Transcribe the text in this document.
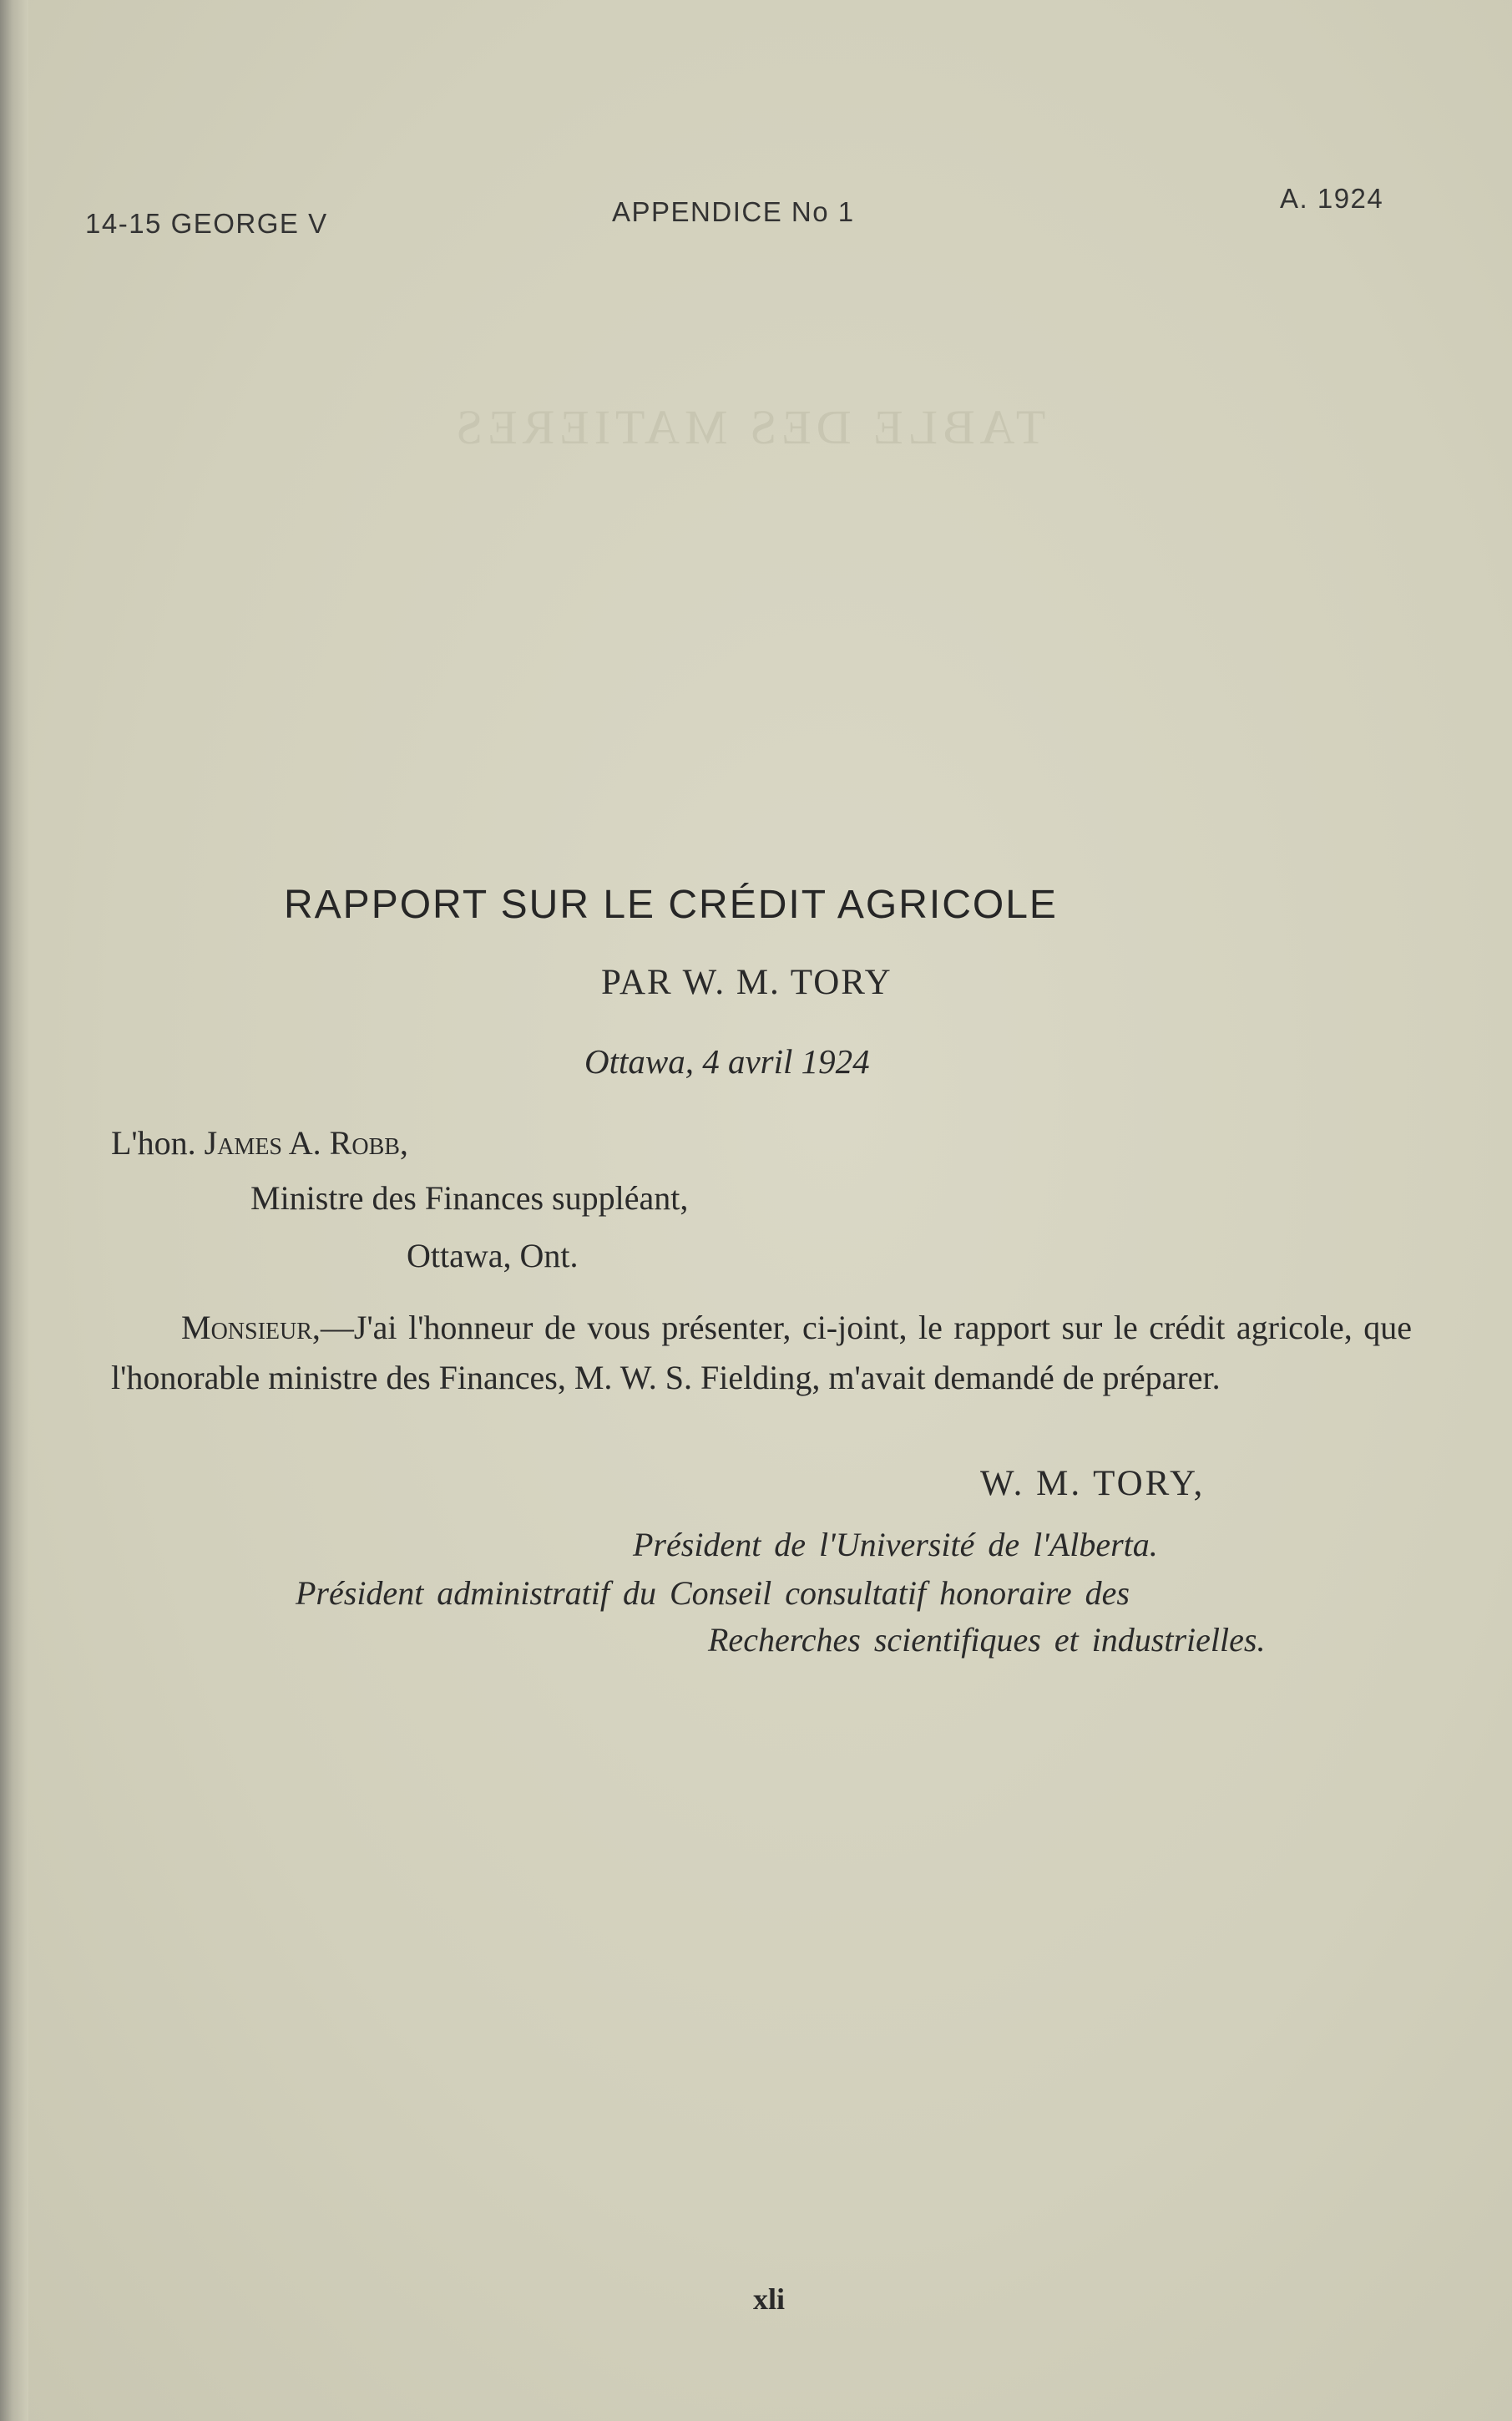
TABLE DES MATIERES
14-15 GEORGE V	APPENDICE No 1	A. 1924
RAPPORT SUR LE CRÉDIT AGRICOLE
PAR W. M. TORY
Ottawa, 4 avril 1924
L'hon. James A. Robb,
Ministre des Finances suppléant,
Ottawa, Ont.
Monsieur,—J'ai l'honneur de vous présenter, ci-joint, le rapport sur le crédit agricole, que l'honorable ministre des Finances, M. W. S. Fielding, m'avait demandé de préparer.
W. M. TORY,
Président de l'Université de l'Alberta.
Président administratif du Conseil consultatif honoraire des
Recherches scientifiques et industrielles.
xli
